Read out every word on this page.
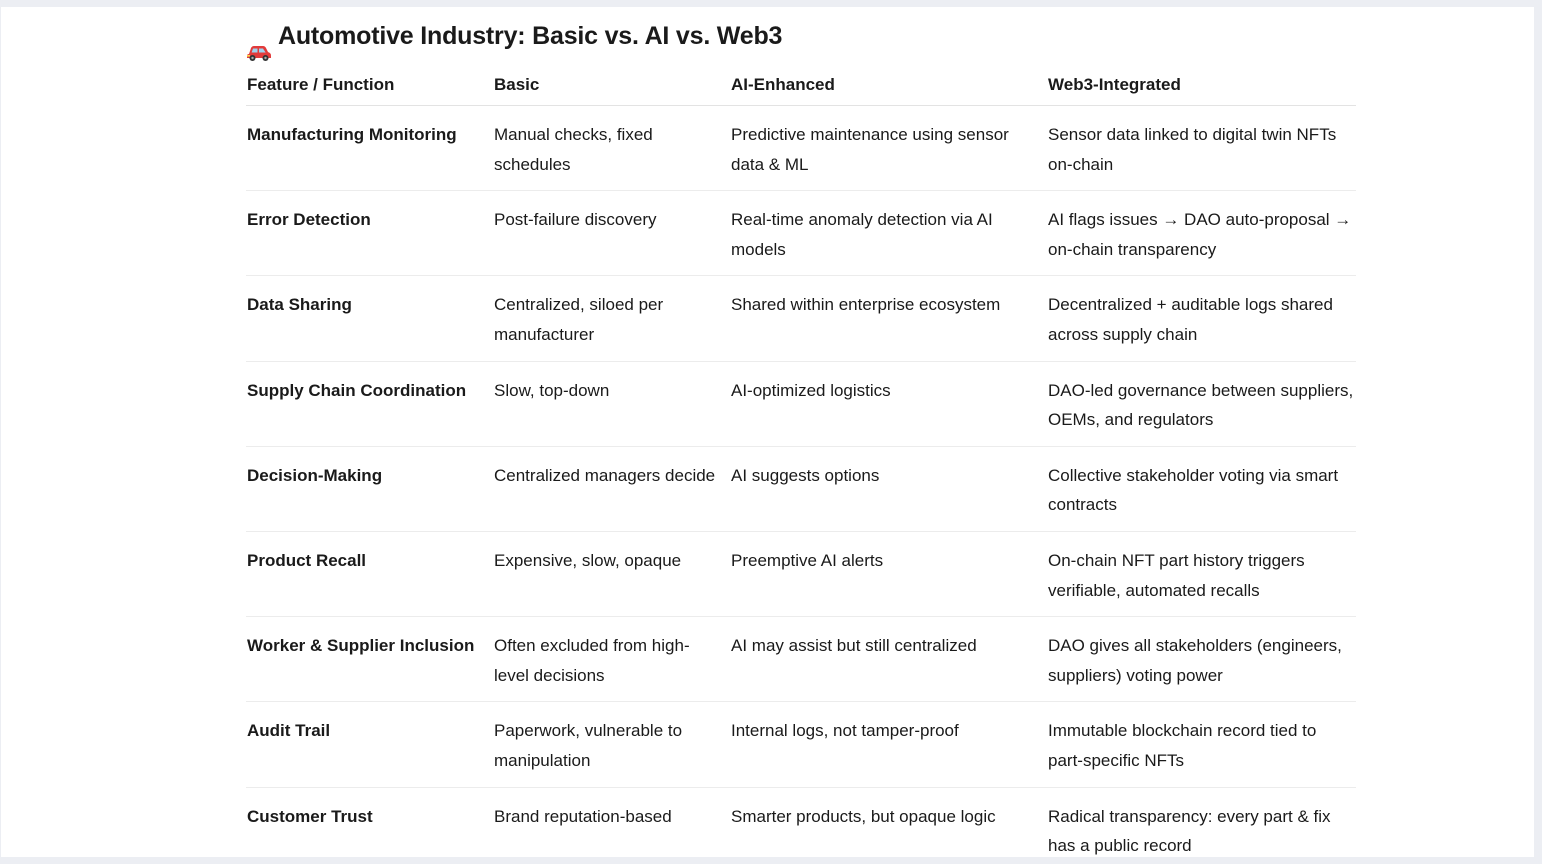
Automotive Industry: Basic vs. AI vs. Web3
Feature / Function	Basic	AI-Enhanced	Web3-Integrated
Manufacturing Monitoring	Manual checks, fixed schedules	Predictive maintenance using sensor data & ML	Sensor data linked to digital twin NFTs on-chain
Error Detection	Post-failure discovery	Real-time anomaly detection via AI models	AI flags issues → DAO auto-proposal → on-chain transparency
Data Sharing	Centralized, siloed per manufacturer	Shared within enterprise ecosystem	Decentralized + auditable logs shared across supply chain
Supply Chain Coordination	Slow, top-down	AI-optimized logistics	DAO-led governance between suppliers, OEMs, and regulators
Decision-Making	Centralized managers decide	AI suggests options	Collective stakeholder voting via smart contracts
Product Recall	Expensive, slow, opaque	Preemptive AI alerts	On-chain NFT part history triggers verifiable, automated recalls
Worker & Supplier Inclusion	Often excluded from high-level decisions	AI may assist but still centralized	DAO gives all stakeholders (engineers, suppliers) voting power
Audit Trail	Paperwork, vulnerable to manipulation	Internal logs, not tamper-proof	Immutable blockchain record tied to part-specific NFTs
Customer Trust	Brand reputation-based	Smarter products, but opaque logic	Radical transparency: every part & fix has a public record
